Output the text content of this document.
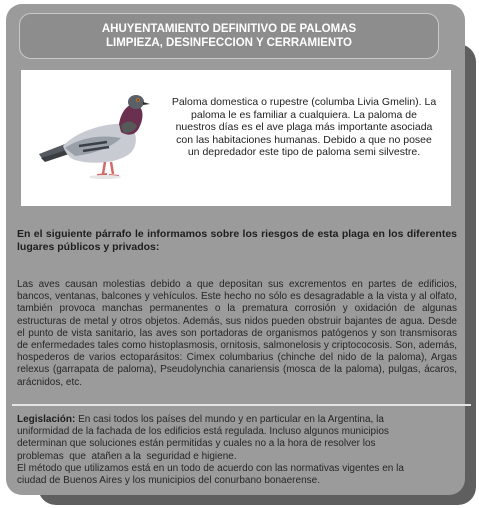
AHUYENTAMIENTO DEFINITIVO DE PALOMAS
LIMPIEZA, DESINFECCION Y CERRAMIENTO
Paloma domestica o rupestre (columba Livia Gmelin). La paloma le es familiar a cualquiera. La paloma de nuestros días es el ave plaga más importante asociada con las habitaciones humanas. Debido a que no posee un depredador este tipo de paloma semi silvestre.
En el siguiente párrafo le informamos sobre los riesgos de esta plaga en los diferentes lugares públicos y privados:
Las aves causan molestias debido a que depositan sus excrementos en partes de edificios, bancos, ventanas, balcones y vehículos. Este hecho no sólo es desagradable a la vista y al olfato, también provoca manchas permanentes o la prematura corrosión y oxidación de algunas estructuras de metal y otros objetos. Además, sus nidos pueden obstruir bajantes de agua. Desde el punto de vista sanitario, las aves son portadoras de organismos patógenos y son transmisoras de enfermedades tales como histoplasmosis, ornitosis, salmonelosis y criptococosis. Son, además, hospederos de varios ectoparásitos: Cimex columbarius (chinche del nido de la paloma), Argas relexus (garrapata de paloma), Pseudolynchia canariensis (mosca de la paloma), pulgas, ácaros, arácnidos, etc.
Legislación: En casi todos los países del mundo y en particular en la Argentina, la
uniformidad de la fachada de los edificios está regulada. Incluso algunos municipios
determinan que soluciones están permitidas y cuales no a la hora de resolver los
problemas  que  atañen a la  seguridad e higiene.
El método que utilizamos está en un todo de acuerdo con las normativas vigentes en la
ciudad de Buenos Aires y los municipios del conurbano bonaerense.
